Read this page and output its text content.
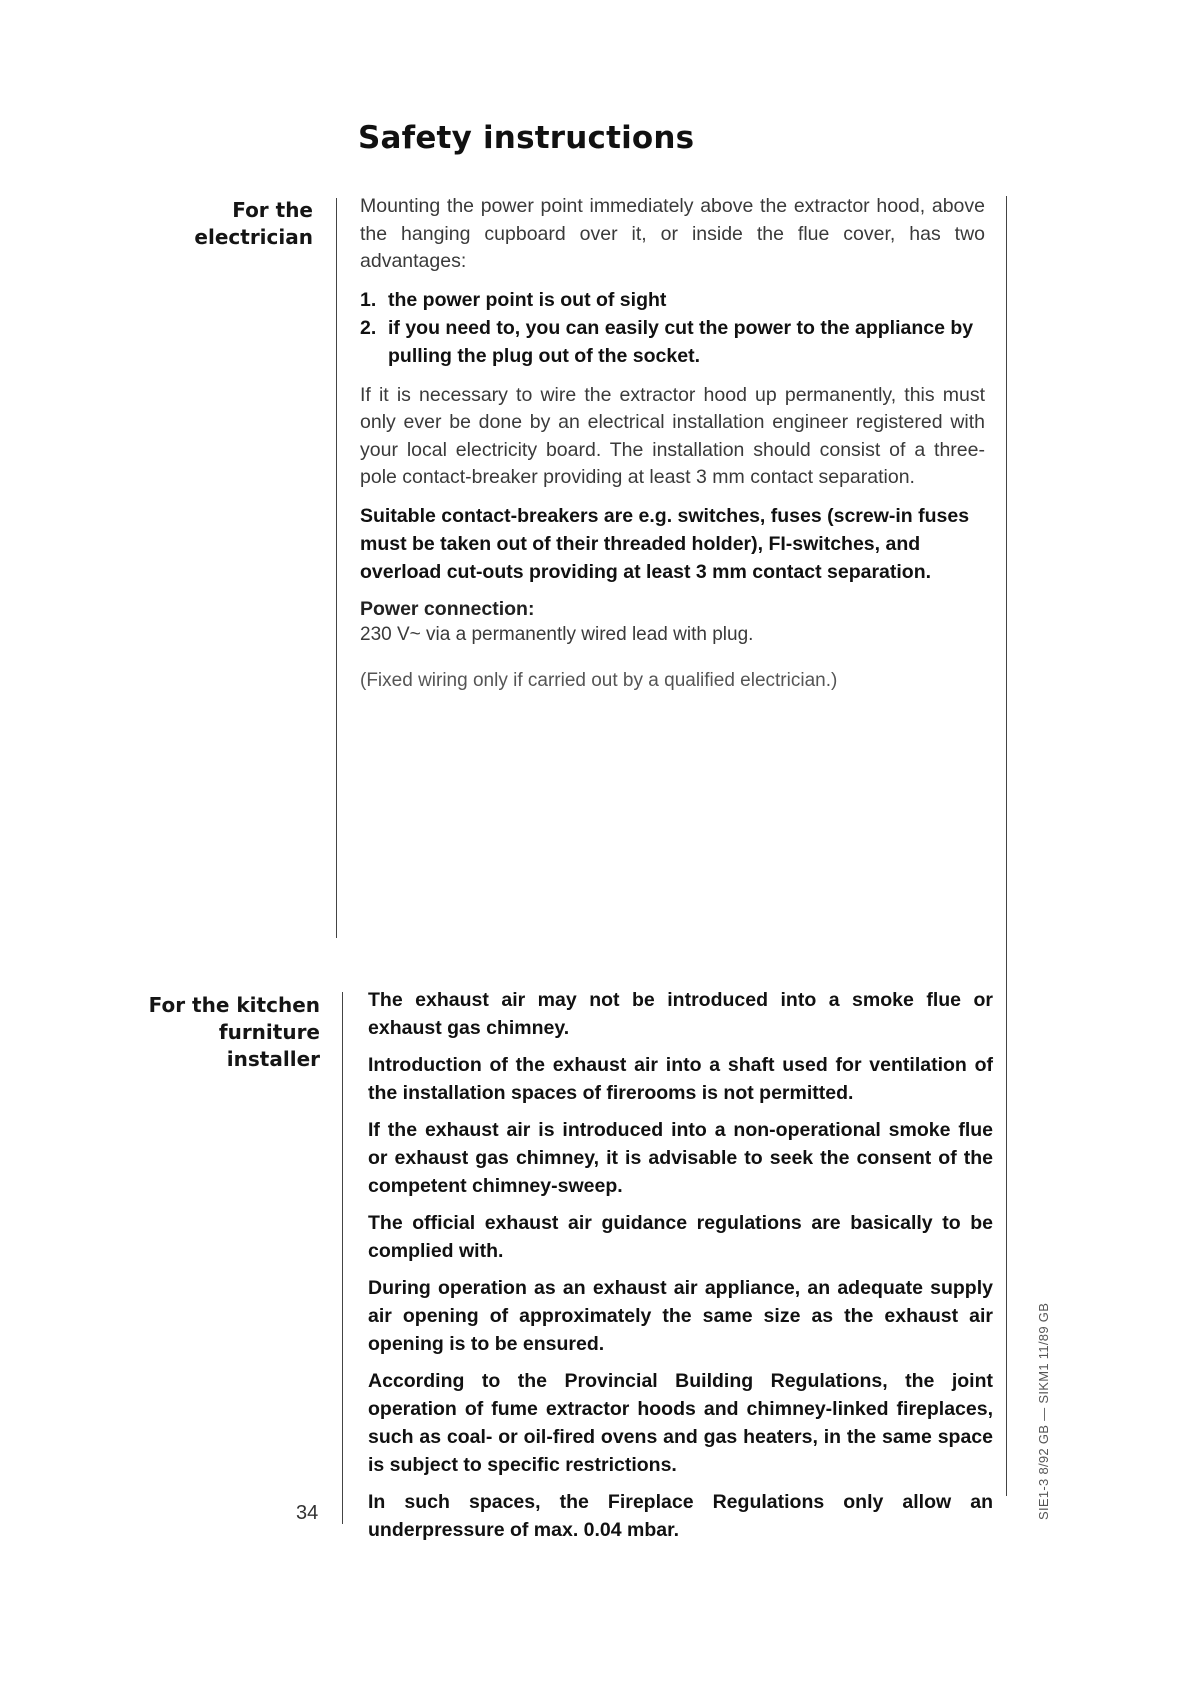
Safety instructions
For the
electrician

Mounting the power point immediately above the extractor hood, above the hanging cupboard over it, or inside the flue cover, has two advantages:

1. the power point is out of sight
2. if you need to, you can easily cut the power to the appliance by pulling the plug out of the socket.

If it is necessary to wire the extractor hood up permanently, this must only ever be done by an electrical installation engineer registered with your local electricity board. The installation should consist of a three-pole contact-breaker providing at least 3 mm contact separation.

Suitable contact-breakers are e.g. switches, fuses (screw-in fuses must be taken out of their threaded holder), FI-switches, and overload cut-outs providing at least 3 mm contact separation.

Power connection:

230 V~ via a permanently wired lead with plug.

(Fixed wiring only if carried out by a qualified electrician.)

For the kitchen
furniture
installer

The exhaust air may not be introduced into a smoke flue or exhaust gas chimney.

Introduction of the exhaust air into a shaft used for ventilation of the installation spaces of firerooms is not permitted.

If the exhaust air is introduced into a non-operational smoke flue or exhaust gas chimney, it is advisable to seek the consent of the competent chimney-sweep.

The official exhaust air guidance regulations are basically to be complied with.

During operation as an exhaust air appliance, an adequate supply air opening of approximately the same size as the exhaust air opening is to be ensured.

According to the Provincial Building Regulations, the joint operation of fume extractor hoods and chimney-linked fireplaces, such as coal- or oil-fired ovens and gas heaters, in the same space is subject to specific restrictions.

In such spaces, the Fireplace Regulations only allow an underpressure of max. 0.04 mbar.

34	SIE1-3 8/92 GB — SIKM1 11/89 GB
